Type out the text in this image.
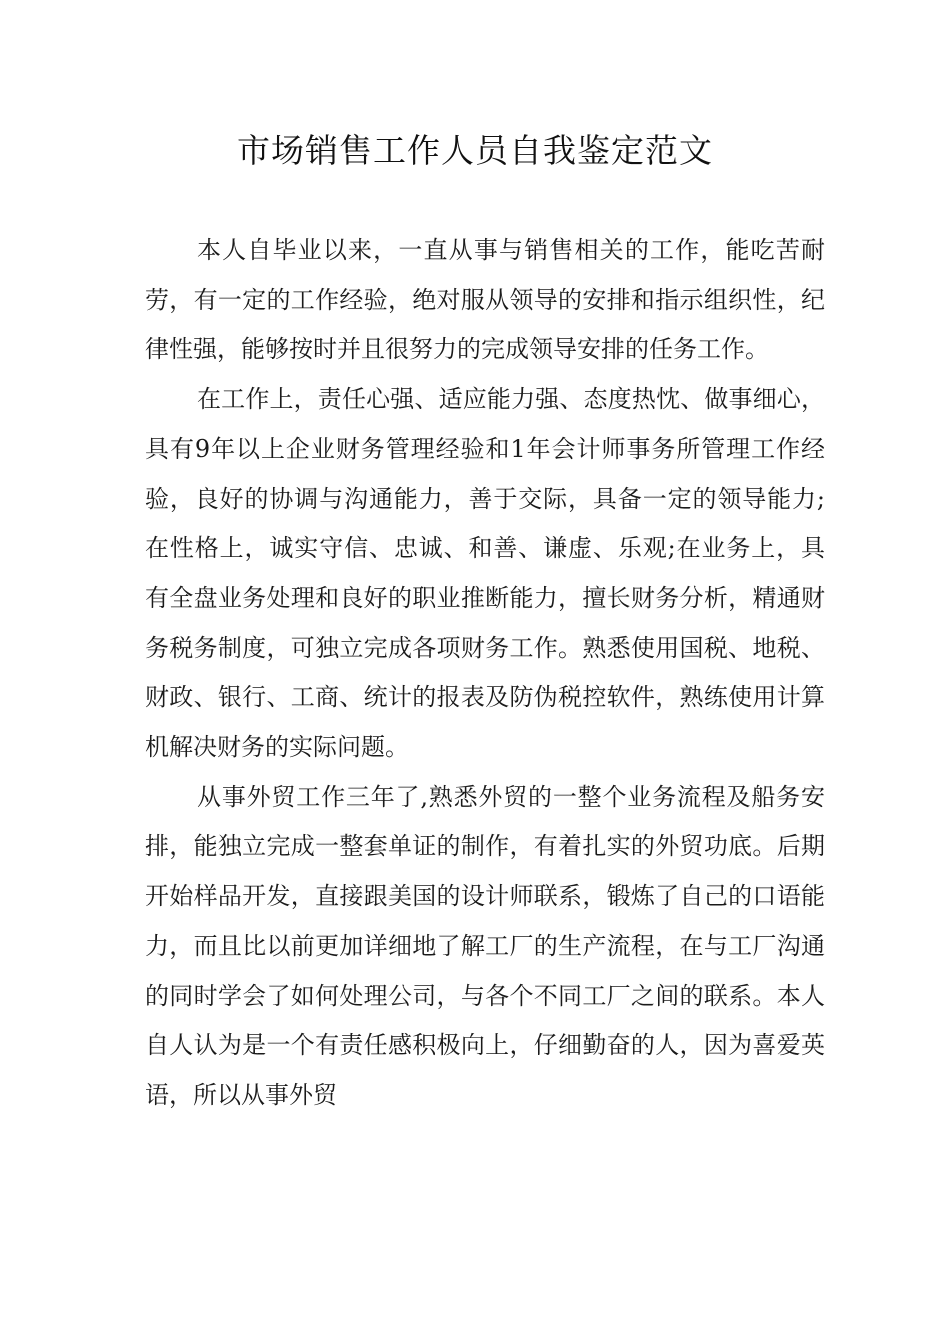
市场销售工作人员自我鉴定范文

本人自毕业以来，一直从事与销售相关的工作，能吃苦耐劳，有一定的工作经验，绝对服从领导的安排和指示组织性，纪律性强，能够按时并且很努力的完成领导安排的任务工作。

在工作上，责任心强、适应能力强、态度热忱、做事细心，具有9年以上企业财务管理经验和1年会计师事务所管理工作经验，良好的协调与沟通能力，善于交际，具备一定的领导能力;在性格上，诚实守信、忠诚、和善、谦虚、乐观;在业务上，具有全盘业务处理和良好的职业推断能力，擅长财务分析，精通财务税务制度，可独立完成各项财务工作。熟悉使用国税、地税、财政、银行、工商、统计的报表及防伪税控软件，熟练使用计算机解决财务的实际问题。

从事外贸工作三年了,熟悉外贸的一整个业务流程及船务安排，能独立完成一整套单证的制作，有着扎实的外贸功底。后期开始样品开发，直接跟美国的设计师联系，锻炼了自己的口语能力，而且比以前更加详细地了解工厂的生产流程，在与工厂沟通的同时学会了如何处理公司，与各个不同工厂之间的联系。本人自人认为是一个有责任感积极向上，仔细勤奋的人，因为喜爱英语，所以从事外贸
